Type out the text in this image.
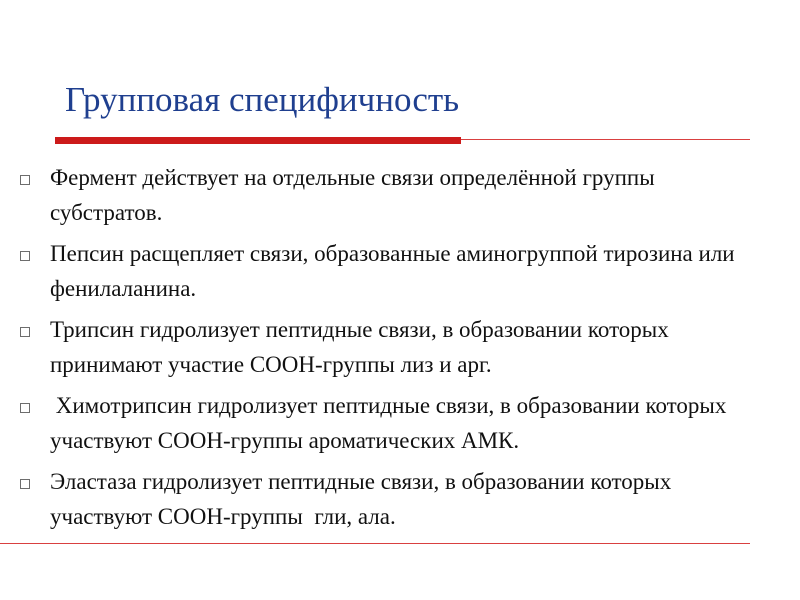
Групповая специфичность
Фермент действует на отдельные связи определённой группы субстратов.
Пепсин расщепляет связи, образованные аминогруппой тирозина или фенилаланина.
Трипсин гидролизует пептидные связи, в образовании которых принимают участие СООН-группы лиз и арг.
Химотрипсин гидролизует пептидные связи, в образовании которых участвуют СООН-группы ароматических АМК.
Эластаза гидролизует пептидные связи, в образовании которых участвуют СООН-группы  гли, ала.
